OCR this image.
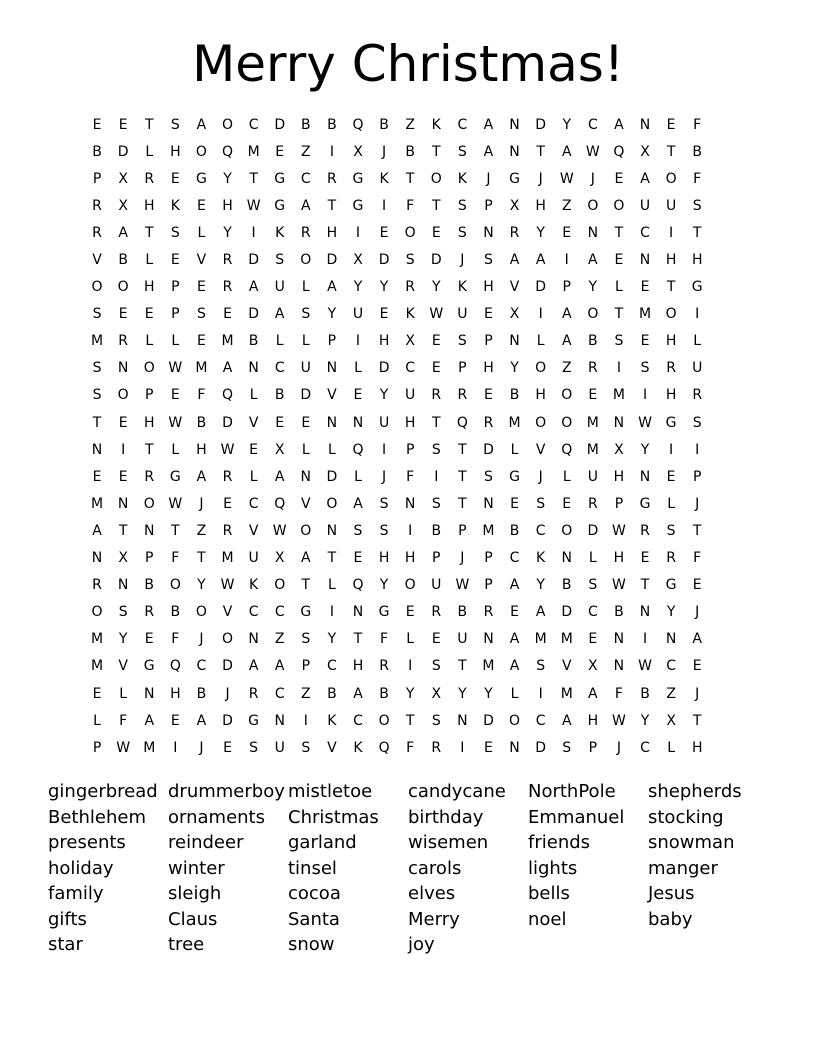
Merry Christmas!
E	E	T	S	A	O	C	D	B	B	Q	B	Z	K	C	A	N	D	Y	C	A	N	E	F
B	D	L	H	O	Q	M	E	Z	I	X	J	B	T	S	A	N	T	A	W Q	X	T	B
P	X	R	E	G	Y	T	G	C	R	G	K	T	O	K	J	G	J	W	J	E	A	O	F
R	X	H	K	E	H W G	A	T	G	I	F	T	S	P	X	H	Z	O	O	U	U	S
R	A	T	S	L	Y	I	K	R	H	I	E	O	E	S	N	R	Y	E	N	T	C	I	T
V	B	L	E	V	R	D	S	O	D	X	D	S	D	J	S	A	A	I	A	E	N	H	H
O	O	H	P	E	R	A	U	L	A	Y	Y	R	Y	K	H	V	D	P	Y	L	E	T	G
S	E	E	P	S	E	D	A	S	Y	U	E	K	W	U	E	X	I	A	O	T	M	O	I
M	R	L	L	E	M	B	L	L	P	I	H	X	E	S	P	N	L	A	B	S	E	H	L
S	N	O W M	A	N	C	U	N	L	D	C	E	P	H	Y	O	Z	R	I	S	R	U
S	O	P	E	F	Q	L	B	D	V	E	Y	U	R	R	E	B	H	O	E	M	I	H	R
T	E	H W	B	D	V	E	E	N	N	U	H	T	Q	R	M	O	O	M	N W G	S
N	I	T	L	H W	E	X	L	L	Q	I	P	S	T	D	L	V	Q	M	X	Y	I	I
E	E	R	G	A	R	L	A	N	D	L	J	F	I	T	S	G	J	L	U	H	N	E	P
M	N	O W	J	E	C	Q	V	O	A	S	N	S	T	N	E	S	E	R	P	G	L	J
A	T	N	T	Z	R	V	W O	N	S	S	I	B	P	M	B	C	O	D W	R	S	T
N	X	P	F	T	M	U	X	A	T	E	H	H	P	J	P	C	K	N	L	H	E	R	F
R	N	B	O	Y	W	K	O	T	L	Q	Y	O	U	W	P	A	Y	B	S	W	T	G	E
O	S	R	B	O	V	C	C	G	I	N	G	E	R	B	R	E	A	D	C	B	N	Y	J
M	Y	E	F	J	O	N	Z	S	Y	T	F	L	E	U	N	A	M	M	E	N	I	N	A
M	V	G	Q	C	D	A	A	P	C	H	R	I	S	T	M	A	S	V	X	N W	C	E
E	L	N	H	B	J	R	C	Z	B	A	B	Y	X	Y	Y	L	I	M	A	F	B	Z	J
L	F	A	E	A	D	G	N	I	K	C	O	T	S	N	D	O	C	A	H W	Y	X	T
P	W M	I	J	E	S	U	S	V	K	Q	F	R	I	E	N	D	S	P	J	C	L	H
gingerbread
Bethlehem
presents
holiday
family
gifts
star
drummerboy
ornaments
reindeer
winter
sleigh
Claus
tree
mistletoe
Christmas
garland
tinsel
cocoa
Santa
snow
candycane
birthday
wisemen
carols
elves
Merry
joy
NorthPole
Emmanuel
friends
lights
bells
noel
shepherds
stocking
snowman
manger
Jesus
baby
